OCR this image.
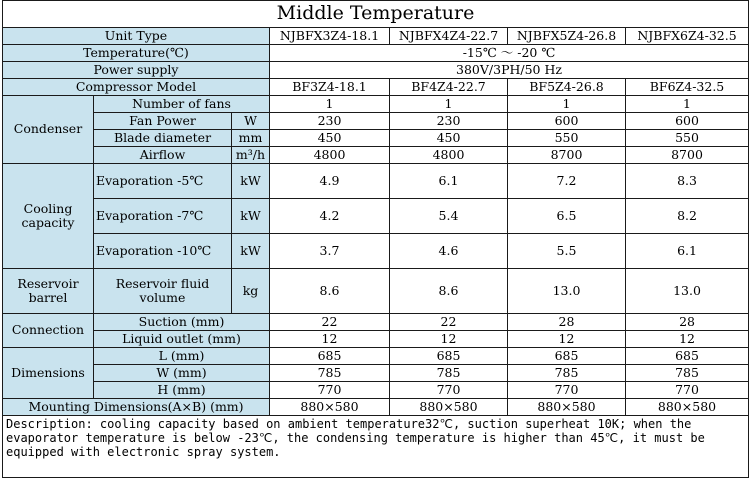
Middle Temperature						
Unit Type			NJBFX3Z4-18.1	NJBFX4Z4-22.7	NJBFX5Z4-26.8	NJBFX6Z4-32.5
Temperature(℃)			-15℃ ～ -20 ℃			
Power supply			380V/3PH/50 Hz			
Compressor Model			BF3Z4-18.1	BF4Z4-22.7	BF5Z4-26.8	BF6Z4-32.5
Condenser	Number of fans		1	1	1	1
	Fan Power	W	230	230	600	600
	Blade diameter	mm	450	450	550	550
	Airflow	m³/h	4800	4800	8700	8700
Cooling capacity	Evaporation -5℃	kW	4.9	6.1	7.2	8.3
	Evaporation -7℃	kW	4.2	5.4	6.5	8.2
	Evaporation -10℃	kW	3.7	4.6	5.5	6.1
Reservoir barrel	Reservoir fluid volume	kg	8.6	8.6	13.0	13.0
Connection	Suction (mm)		22	22	28	28
	Liquid outlet (mm)		12	12	12	12
Dimensions	L (mm)		685	685	685	685
	W (mm)		785	785	785	785
	H (mm)		770	770	770	770
Mounting Dimensions(A×B) (mm)			880×580	880×580	880×580	880×580
Description: cooling capacity based on ambient temperature32℃, suction superheat 10K; when the evaporator temperature is below -23℃, the condensing temperature is higher than 45℃, it must be equipped with electronic spray system.						
